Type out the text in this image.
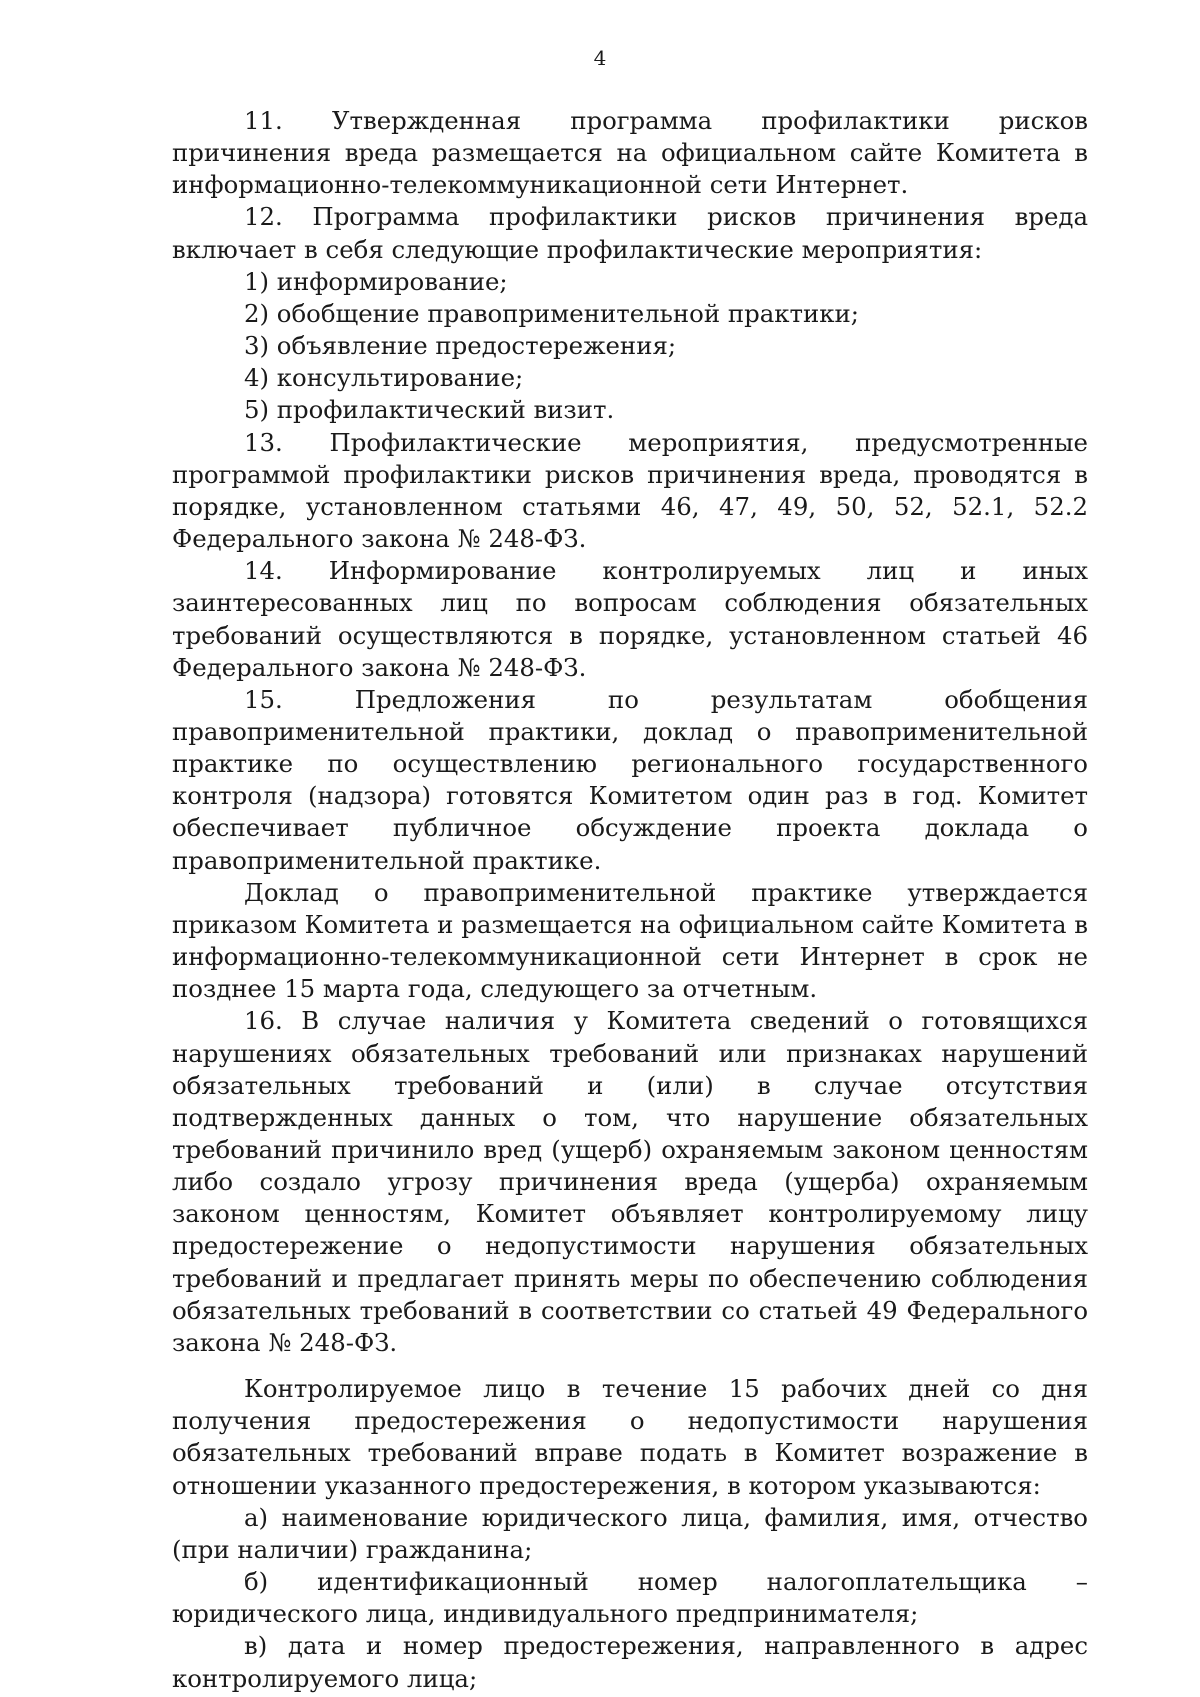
4

11. Утвержденная программа профилактики рисков причинения вреда размещается на официальном сайте Комитета в информационно-телекоммуникационной сети Интернет.

12. Программа профилактики рисков причинения вреда включает в себя следующие профилактические мероприятия:

1) информирование;

2) обобщение правоприменительной практики;

3) объявление предостережения;

4) консультирование;

5) профилактический визит.

13. Профилактические мероприятия, предусмотренные программой профилактики рисков причинения вреда, проводятся в порядке, установленном статьями 46, 47, 49, 50, 52, 52.1, 52.2 Федерального закона № 248-ФЗ.

14. Информирование контролируемых лиц и иных заинтересованных лиц по вопросам соблюдения обязательных требований осуществляются в порядке, установленном статьей 46 Федерального закона № 248-ФЗ.

15. Предложения по результатам обобщения правоприменительной практики, доклад о правоприменительной практике по осуществлению регионального государственного контроля (надзора) готовятся Комитетом один раз в год. Комитет обеспечивает публичное обсуждение проекта доклада о правоприменительной практике.

Доклад о правоприменительной практике утверждается приказом Комитета и размещается на официальном сайте Комитета в информационно-телекоммуникационной сети Интернет в срок не позднее 15 марта года, следующего за отчетным.

16. В случае наличия у Комитета сведений о готовящихся нарушениях обязательных требований или признаках нарушений обязательных требований и (или) в случае отсутствия подтвержденных данных о том, что нарушение обязательных требований причинило вред (ущерб) охраняемым законом ценностям либо создало угрозу причинения вреда (ущерба) охраняемым законом ценностям, Комитет объявляет контролируемому лицу предостережение о недопустимости нарушения обязательных требований и предлагает принять меры по обеспечению соблюдения обязательных требований в соответствии со статьей 49 Федерального закона № 248-ФЗ.

Контролируемое лицо в течение 15 рабочих дней со дня получения предостережения о недопустимости нарушения обязательных требований вправе подать в Комитет возражение в отношении указанного предостережения, в котором указываются:

а) наименование юридического лица, фамилия, имя, отчество (при наличии) гражданина;

б) идентификационный номер налогоплательщика – юридического лица, индивидуального предпринимателя;

в) дата и номер предостережения, направленного в адрес контролируемого лица;
